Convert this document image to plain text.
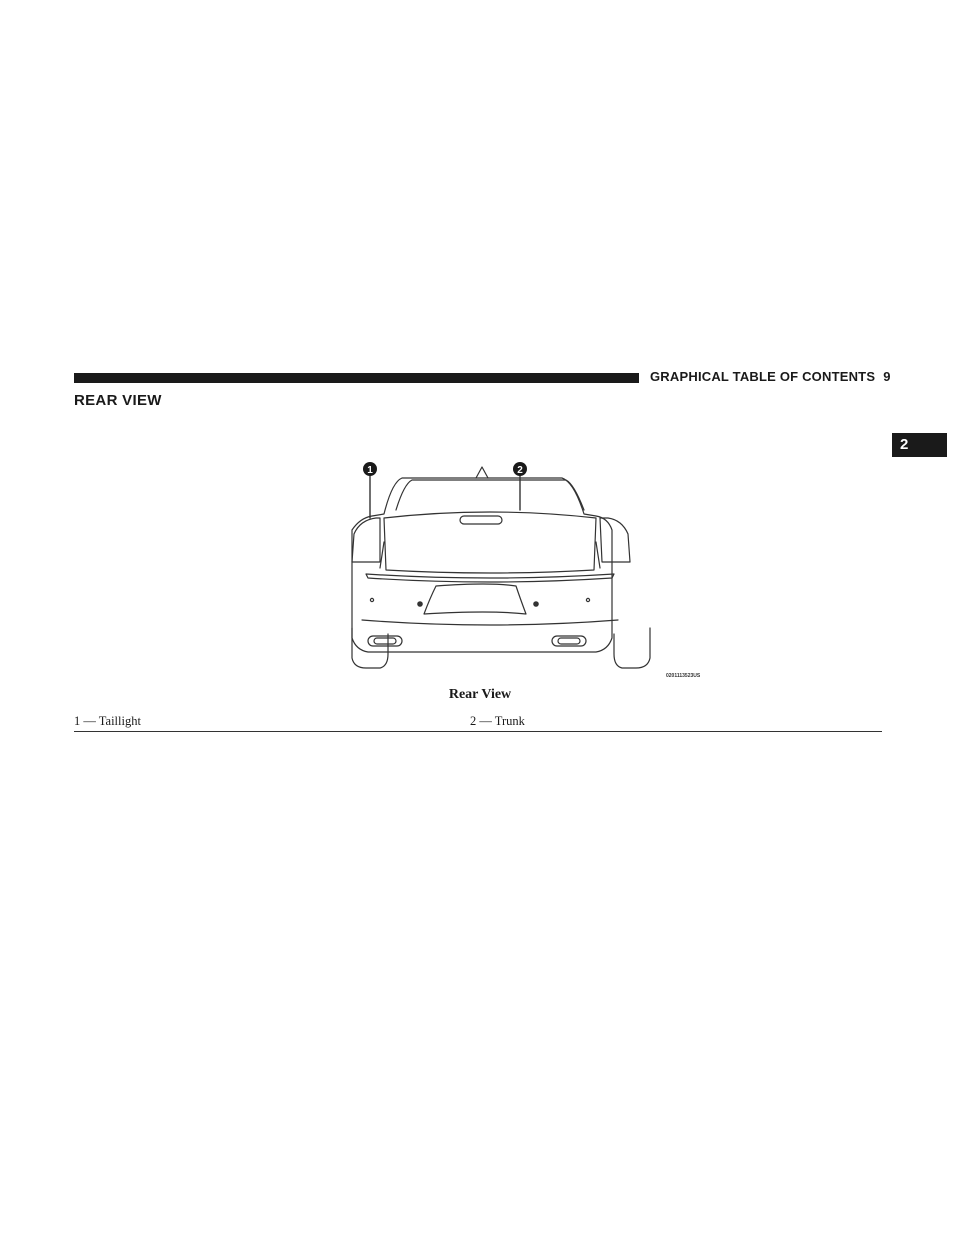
GRAPHICAL TABLE OF CONTENTS 9
2
REAR VIEW
1	2
0201113523US
Rear View
1 — Taillight	2 — Trunk
